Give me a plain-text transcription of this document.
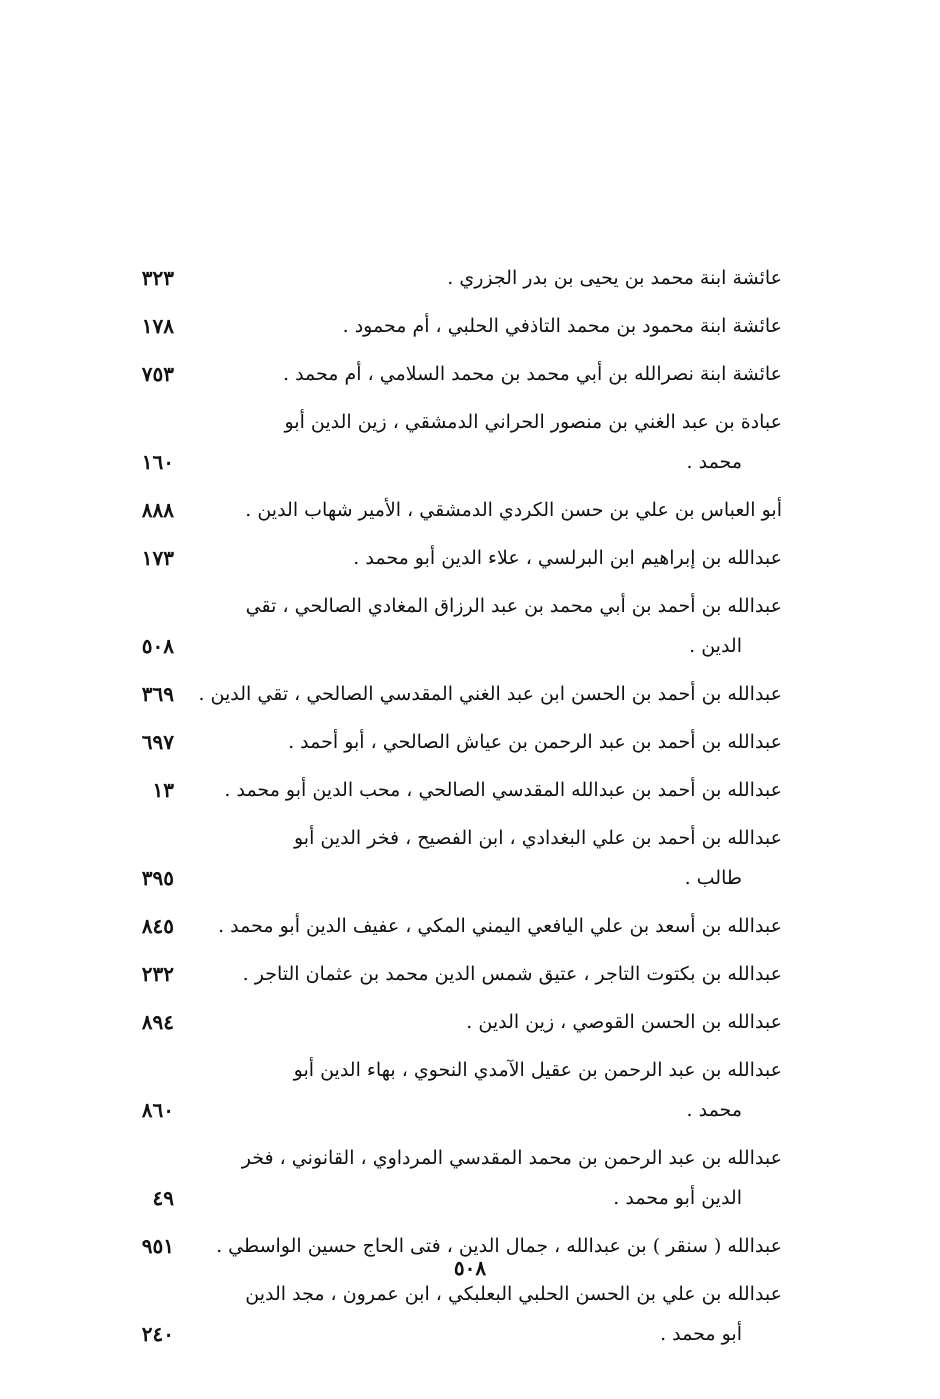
عائشة ابنة محمد بن يحيى بن بدر الجزري .
٣٢٣
عائشة ابنة محمود بن محمد التاذفي الحلبي ، أم محمود .
١٧٨
عائشة ابنة نصرالله بن أبي محمد بن محمد السلامي ، أم محمد .
٧٥٣
عبادة بن عبد الغني بن منصور الحراني الدمشقي ، زين الدين أبو
محمد .
١٦٠
أبو العباس بن علي بن حسن الكردي الدمشقي ، الأمير شهاب الدين .
٨٨٨
عبدالله بن إبراهيم ابن البرلسي ، علاء الدين أبو محمد .
١٧٣
عبدالله بن أحمد بن أبي محمد بن عبد الرزاق المغادي الصالحي ، تقي
الدين .
٥٠٨
عبدالله بن أحمد بن الحسن ابن عبد الغني المقدسي الصالحي ، تقي الدين .
٣٦٩
عبدالله بن أحمد بن عبد الرحمن بن عياش الصالحي ، أبو أحمد .
٦٩٧
عبدالله بن أحمد بن عبدالله المقدسي الصالحي ، محب الدين أبو محمد .
١٣
عبدالله بن أحمد بن علي البغدادي ، ابن الفصيح ، فخر الدين أبو
طالب .
٣٩٥
عبدالله بن أسعد بن علي اليافعي اليمني المكي ، عفيف الدين أبو محمد .
٨٤٥
عبدالله بن بكتوت التاجر ، عتيق شمس الدين محمد بن عثمان التاجر .
٢٣٢
عبدالله بن الحسن القوصي ، زين الدين .
٨٩٤
عبدالله بن عبد الرحمن بن عقيل الآمدي النحوي ، بهاء الدين أبو
محمد .
٨٦٠
عبدالله بن عبد الرحمن بن محمد المقدسي المرداوي ، القانوني ، فخر
الدين أبو محمد .
٤٩
عبدالله ( سنقر ) بن عبدالله ، جمال الدين ، فتى الحاج حسين الواسطي .
٩٥١
عبدالله بن علي بن الحسن الحلبي البعلبكي ، ابن عمرون ، مجد الدين
أبو محمد .
٢٤٠
٥٠٨
